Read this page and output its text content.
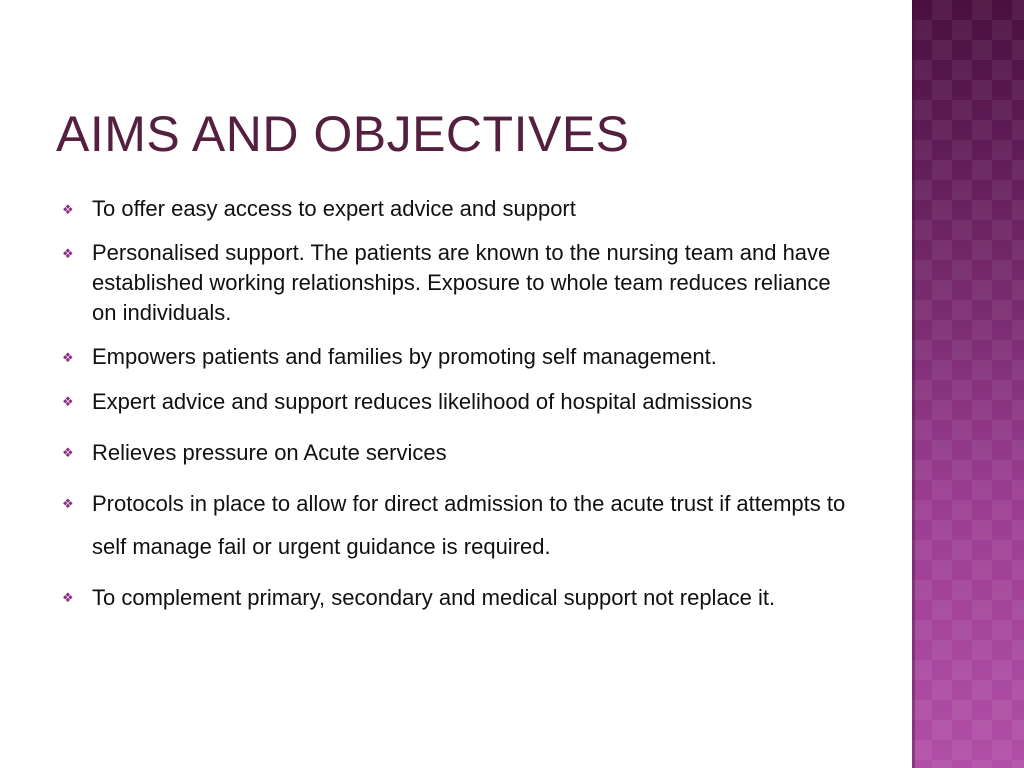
AIMS AND OBJECTIVES
❖ To offer easy access to expert advice and support
❖ Personalised support. The patients are known to the nursing team and have established working relationships. Exposure to whole team reduces reliance on individuals.
❖ Empowers patients and families by promoting self management.
❖ Expert advice and support reduces likelihood of hospital admissions
❖ Relieves pressure on Acute services
❖ Protocols in place to allow for direct admission to the acute trust if attempts to self manage fail or urgent guidance is required.
❖ To complement primary, secondary and medical support not replace it.
